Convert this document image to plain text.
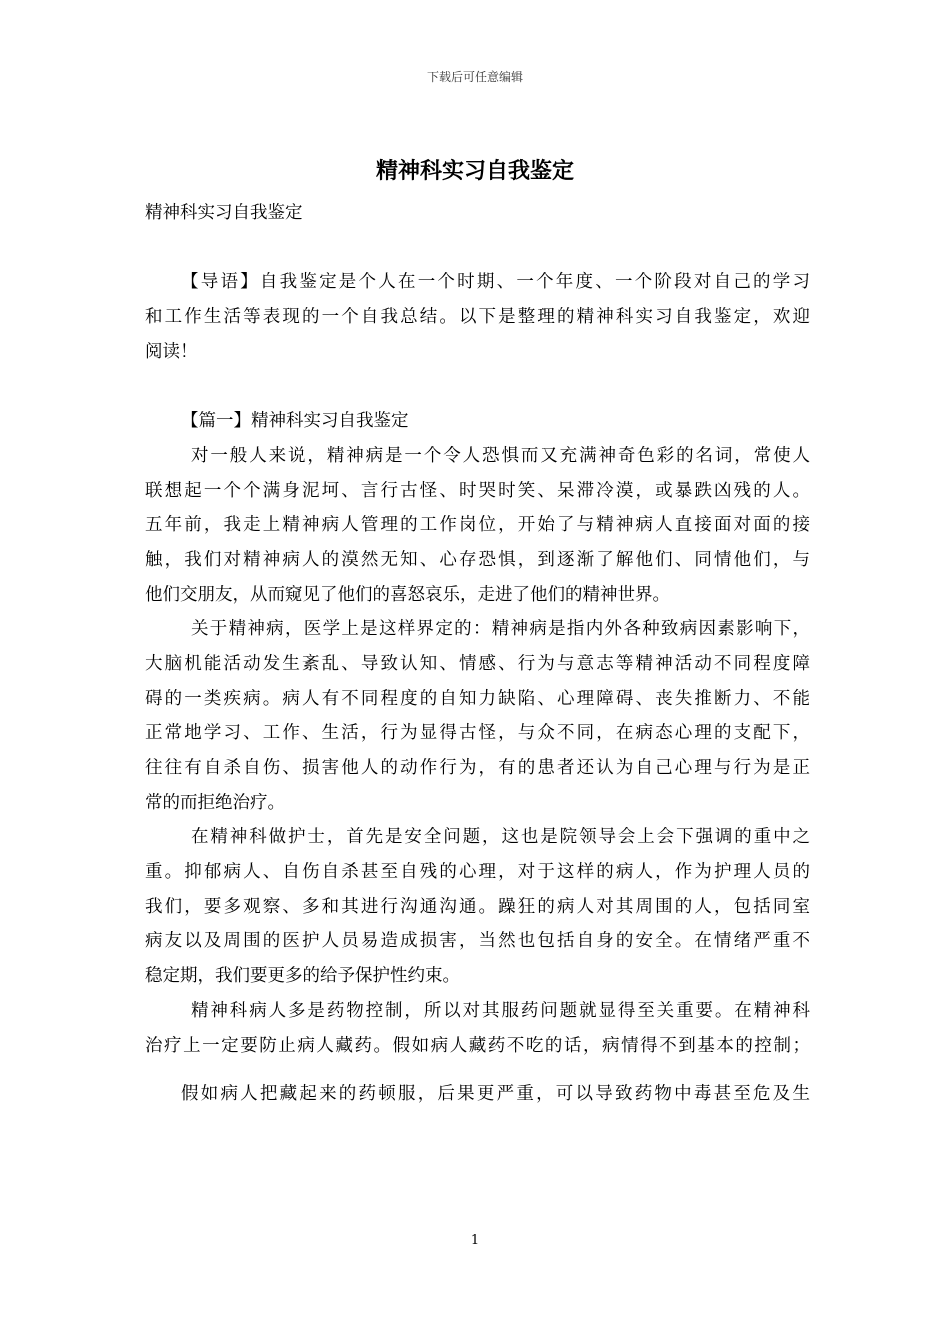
下载后可任意编辑
精神科实习自我鉴定
精神科实习自我鉴定
【导语】自我鉴定是个人在一个时期、一个年度、一个阶段对自己的学习
和工作生活等表现的一个自我总结。以下是整理的精神科实习自我鉴定，欢迎
阅读！
【篇一】精神科实习自我鉴定
对一般人来说，精神病是一个令人恐惧而又充满神奇色彩的名词，常使人
联想起一个个满身泥坷、言行古怪、时哭时笑、呆滞冷漠，或暴跌凶残的人。
五年前，我走上精神病人管理的工作岗位，开始了与精神病人直接面对面的接
触，我们对精神病人的漠然无知、心存恐惧，到逐渐了解他们、同情他们，与
他们交朋友，从而窥见了他们的喜怒哀乐，走进了他们的精神世界。
关于精神病，医学上是这样界定的：精神病是指内外各种致病因素影响下，
大脑机能活动发生紊乱、导致认知、情感、行为与意志等精神活动不同程度障
碍的一类疾病。病人有不同程度的自知力缺陷、心理障碍、丧失推断力、不能
正常地学习、工作、生活，行为显得古怪，与众不同，在病态心理的支配下，
往往有自杀自伤、损害他人的动作行为，有的患者还认为自己心理与行为是正
常的而拒绝治疗。
在精神科做护士，首先是安全问题，这也是院领导会上会下强调的重中之
重。抑郁病人、自伤自杀甚至自残的心理，对于这样的病人，作为护理人员的
我们，要多观察、多和其进行沟通沟通。躁狂的病人对其周围的人，包括同室
病友以及周围的医护人员易造成损害，当然也包括自身的安全。在情绪严重不
稳定期，我们要更多的给予保护性约束。
精神科病人多是药物控制，所以对其服药问题就显得至关重要。在精神科
治疗上一定要防止病人藏药。假如病人藏药不吃的话，病情得不到基本的控制；
假如病人把藏起来的药顿服，后果更严重，可以导致药物中毒甚至危及生
1
